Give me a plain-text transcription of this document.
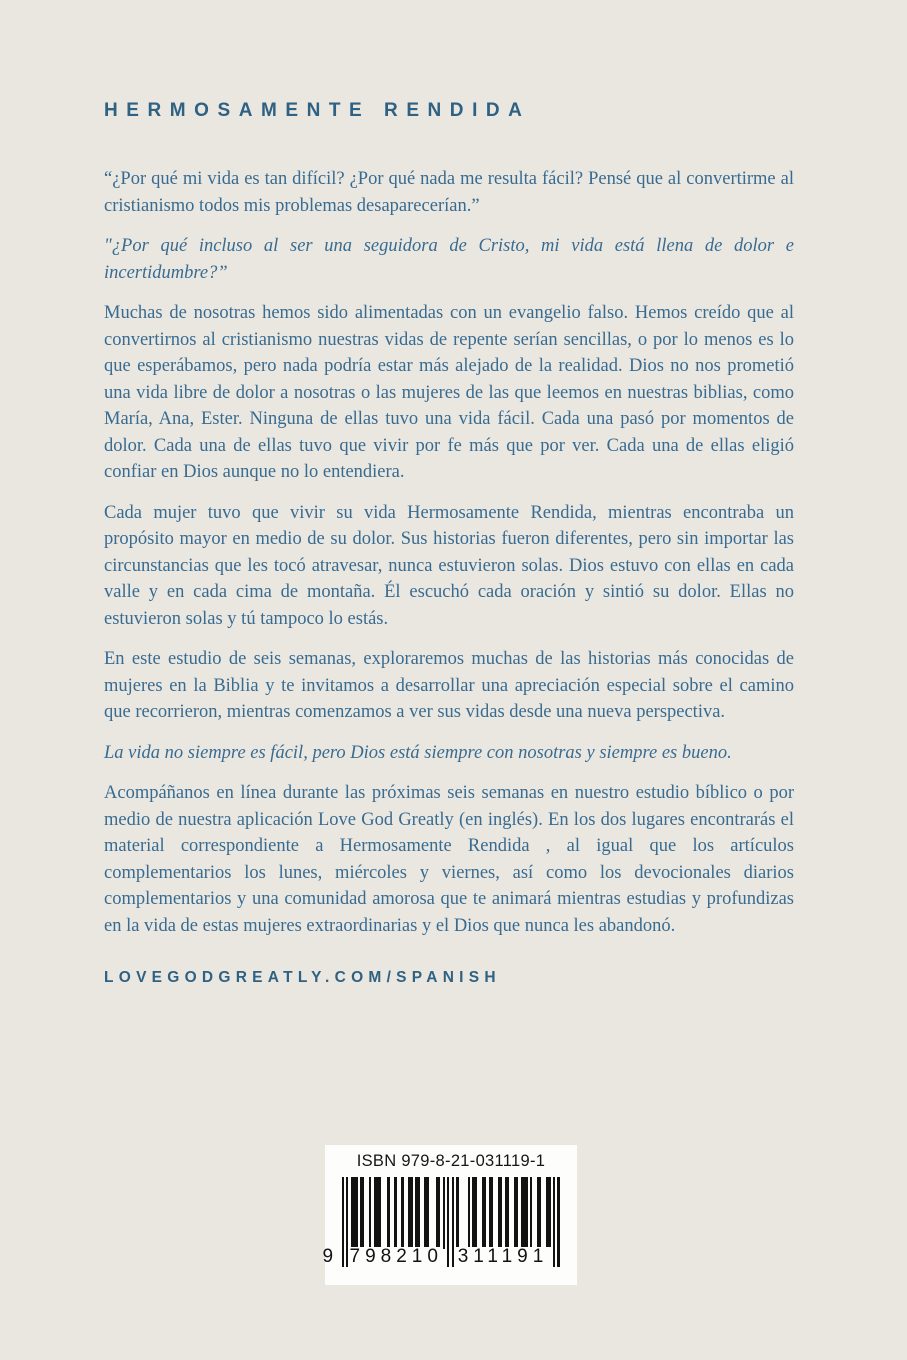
HERMOSAMENTE RENDIDA

“¿Por qué mi vida es tan difícil? ¿Por qué nada me resulta fácil? Pensé que al convertirme al cristianismo todos mis problemas desaparecerían.”

"¿Por qué incluso al ser una seguidora de Cristo, mi vida está llena de dolor e incertidumbre?”

Muchas de nosotras hemos sido alimentadas con un evangelio falso. Hemos creído que al convertirnos al cristianismo nuestras vidas de repente serían sencillas, o por lo menos es lo que esperábamos, pero nada podría estar más alejado de la realidad. Dios no nos prometió una vida libre de dolor a nosotras o las mujeres de las que leemos en nuestras biblias, como María, Ana, Ester. Ninguna de ellas tuvo una vida fácil. Cada una pasó por momentos de dolor. Cada una de ellas tuvo que vivir por fe más que por ver. Cada una de ellas eligió confiar en Dios aunque no lo entendiera.

Cada mujer tuvo que vivir su vida Hermosamente Rendida, mientras encontraba un propósito mayor en medio de su dolor. Sus historias fueron diferentes, pero sin importar las circunstancias que les tocó atravesar, nunca estuvieron solas. Dios estuvo con ellas en cada valle y en cada cima de montaña. Él escuchó cada oración y sintió su dolor. Ellas no estuvieron solas y tú tampoco lo estás.

En este estudio de seis semanas, exploraremos muchas de las historias más conocidas de mujeres en la Biblia y te invitamos a desarrollar una apreciación especial sobre el camino que recorrieron, mientras comenzamos a ver sus vidas desde una nueva perspectiva.

La vida no siempre es fácil, pero Dios está siempre con nosotras y siempre es bueno.

Acompáñanos en línea durante las próximas seis semanas en nuestro estudio bíblico o por medio de nuestra aplicación Love God Greatly (en inglés). En los dos lugares encontrarás el material correspondiente a Hermosamente Rendida , al igual que los artículos complementarios los lunes, miércoles y viernes, así como los devocionales diarios complementarios y una comunidad amorosa que te animará mientras estudias y profundizas en la vida de estas mujeres extraordinarias y el Dios que nunca les abandonó.

LOVEGODGREATLY.COM/SPANISH
ISBN 979-8-21-031119-1
9 798210 311191
